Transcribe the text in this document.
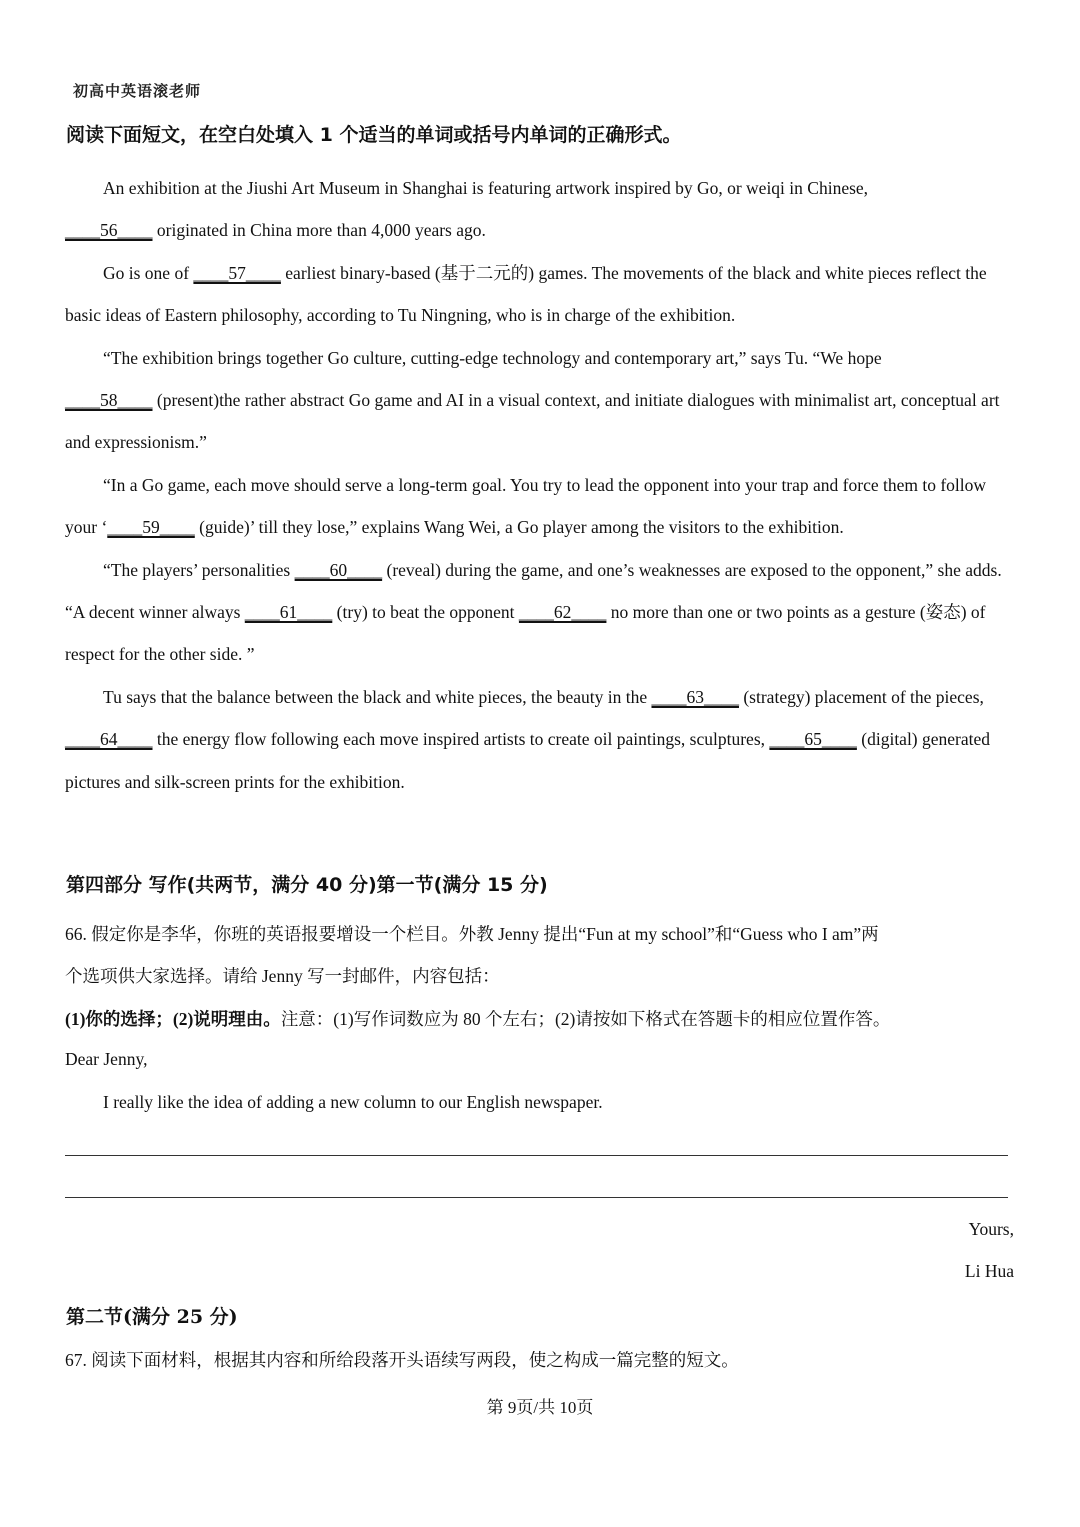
初高中英语滚老师
阅读下面短文，在空白处填入 1 个适当的单词或括号内单词的正确形式。

An exhibition at the Jiushi Art Museum in Shanghai is featuring artwork inspired by Go, or weiqi in Chinese,
____56____ originated in China more than 4,000 years ago.

Go is one of ____57____ earliest binary-based (基于二元的) games. The movements of the black and white pieces reflect the basic ideas of Eastern philosophy, according to Tu Ningning, who is in charge of the exhibition.

“The exhibition brings together Go culture, cutting-edge technology and contemporary art,” says Tu. “We hope
____58____ (present)the rather abstract Go game and AI in a visual context, and initiate dialogues with minimalist art, conceptual art and expressionism.”

“In a Go game, each move should serve a long-term goal. You try to lead the opponent into your trap and force them to follow your ‘____59____ (guide)’ till they lose,” explains Wang Wei, a Go player among the visitors to the exhibition.

“The players’ personalities ____60____ (reveal) during the game, and one’s weaknesses are exposed to the opponent,” she adds. “A decent winner always ____61____ (try) to beat the opponent ____62____ no more than one or two points as a gesture (姿态) of respect for the other side. ”

Tu says that the balance between the black and white pieces, the beauty in the ____63____ (strategy) placement of the pieces, ____64____ the energy flow following each move inspired artists to create oil paintings, sculptures, ____65____ (digital) generated pictures and silk-screen prints for the exhibition.

第四部分 写作(共两节，满分 40 分)第一节(满分 15 分)
66. 假定你是李华，你班的英语报要增设一个栏目。外教 Jenny 提出“Fun at my school”和“Guess who I am”两
个选项供大家选择。请给 Jenny 写一封邮件，内容包括：
(1)你的选择；(2)说明理由。注意：(1)写作词数应为 80 个左右；(2)请按如下格式在答题卡的相应位置作答。
Dear Jenny,
I really like the idea of adding a new column to our English newspaper.
Yours,
Li Hua
第二节(满分 25 分)
67. 阅读下面材料，根据其内容和所给段落开头语续写两段，使之构成一篇完整的短文。
第 9页/共 10页
